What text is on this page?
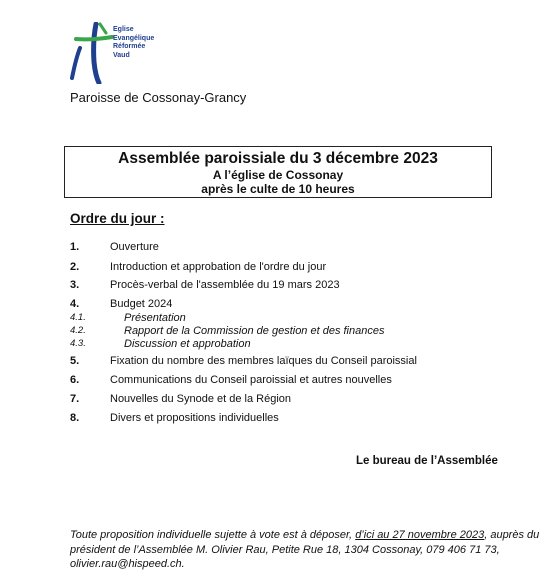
Eglise
Evangélique
Réformée
Vaud
Paroisse de Cossonay-Grancy
Assemblée paroissiale du 3 décembre 2023
A l’église de Cossonay
après le culte de 10 heures
Ordre du jour :
1.	Ouverture
2.	Introduction et approbation de l'ordre du jour
3.	Procès-verbal de l'assemblée du 19 mars 2023
4.	Budget 2024
4.1.	Présentation
4.2.	Rapport de la Commission de gestion et des finances
4.3.	Discussion et approbation
5.	Fixation du nombre des membres laïques du Conseil paroissial
6.	Communications du Conseil paroissial et autres nouvelles
7.	Nouvelles du Synode et de la Région
8.	Divers et propositions individuelles
Le bureau de l’Assemblée
Toute proposition individuelle sujette à vote est à déposer, d’ici au 27 novembre 2023, auprès du président de l’Assemblée M. Olivier Rau, Petite Rue 18, 1304 Cossonay, 079 406 71 73, olivier.rau@hispeed.ch.
